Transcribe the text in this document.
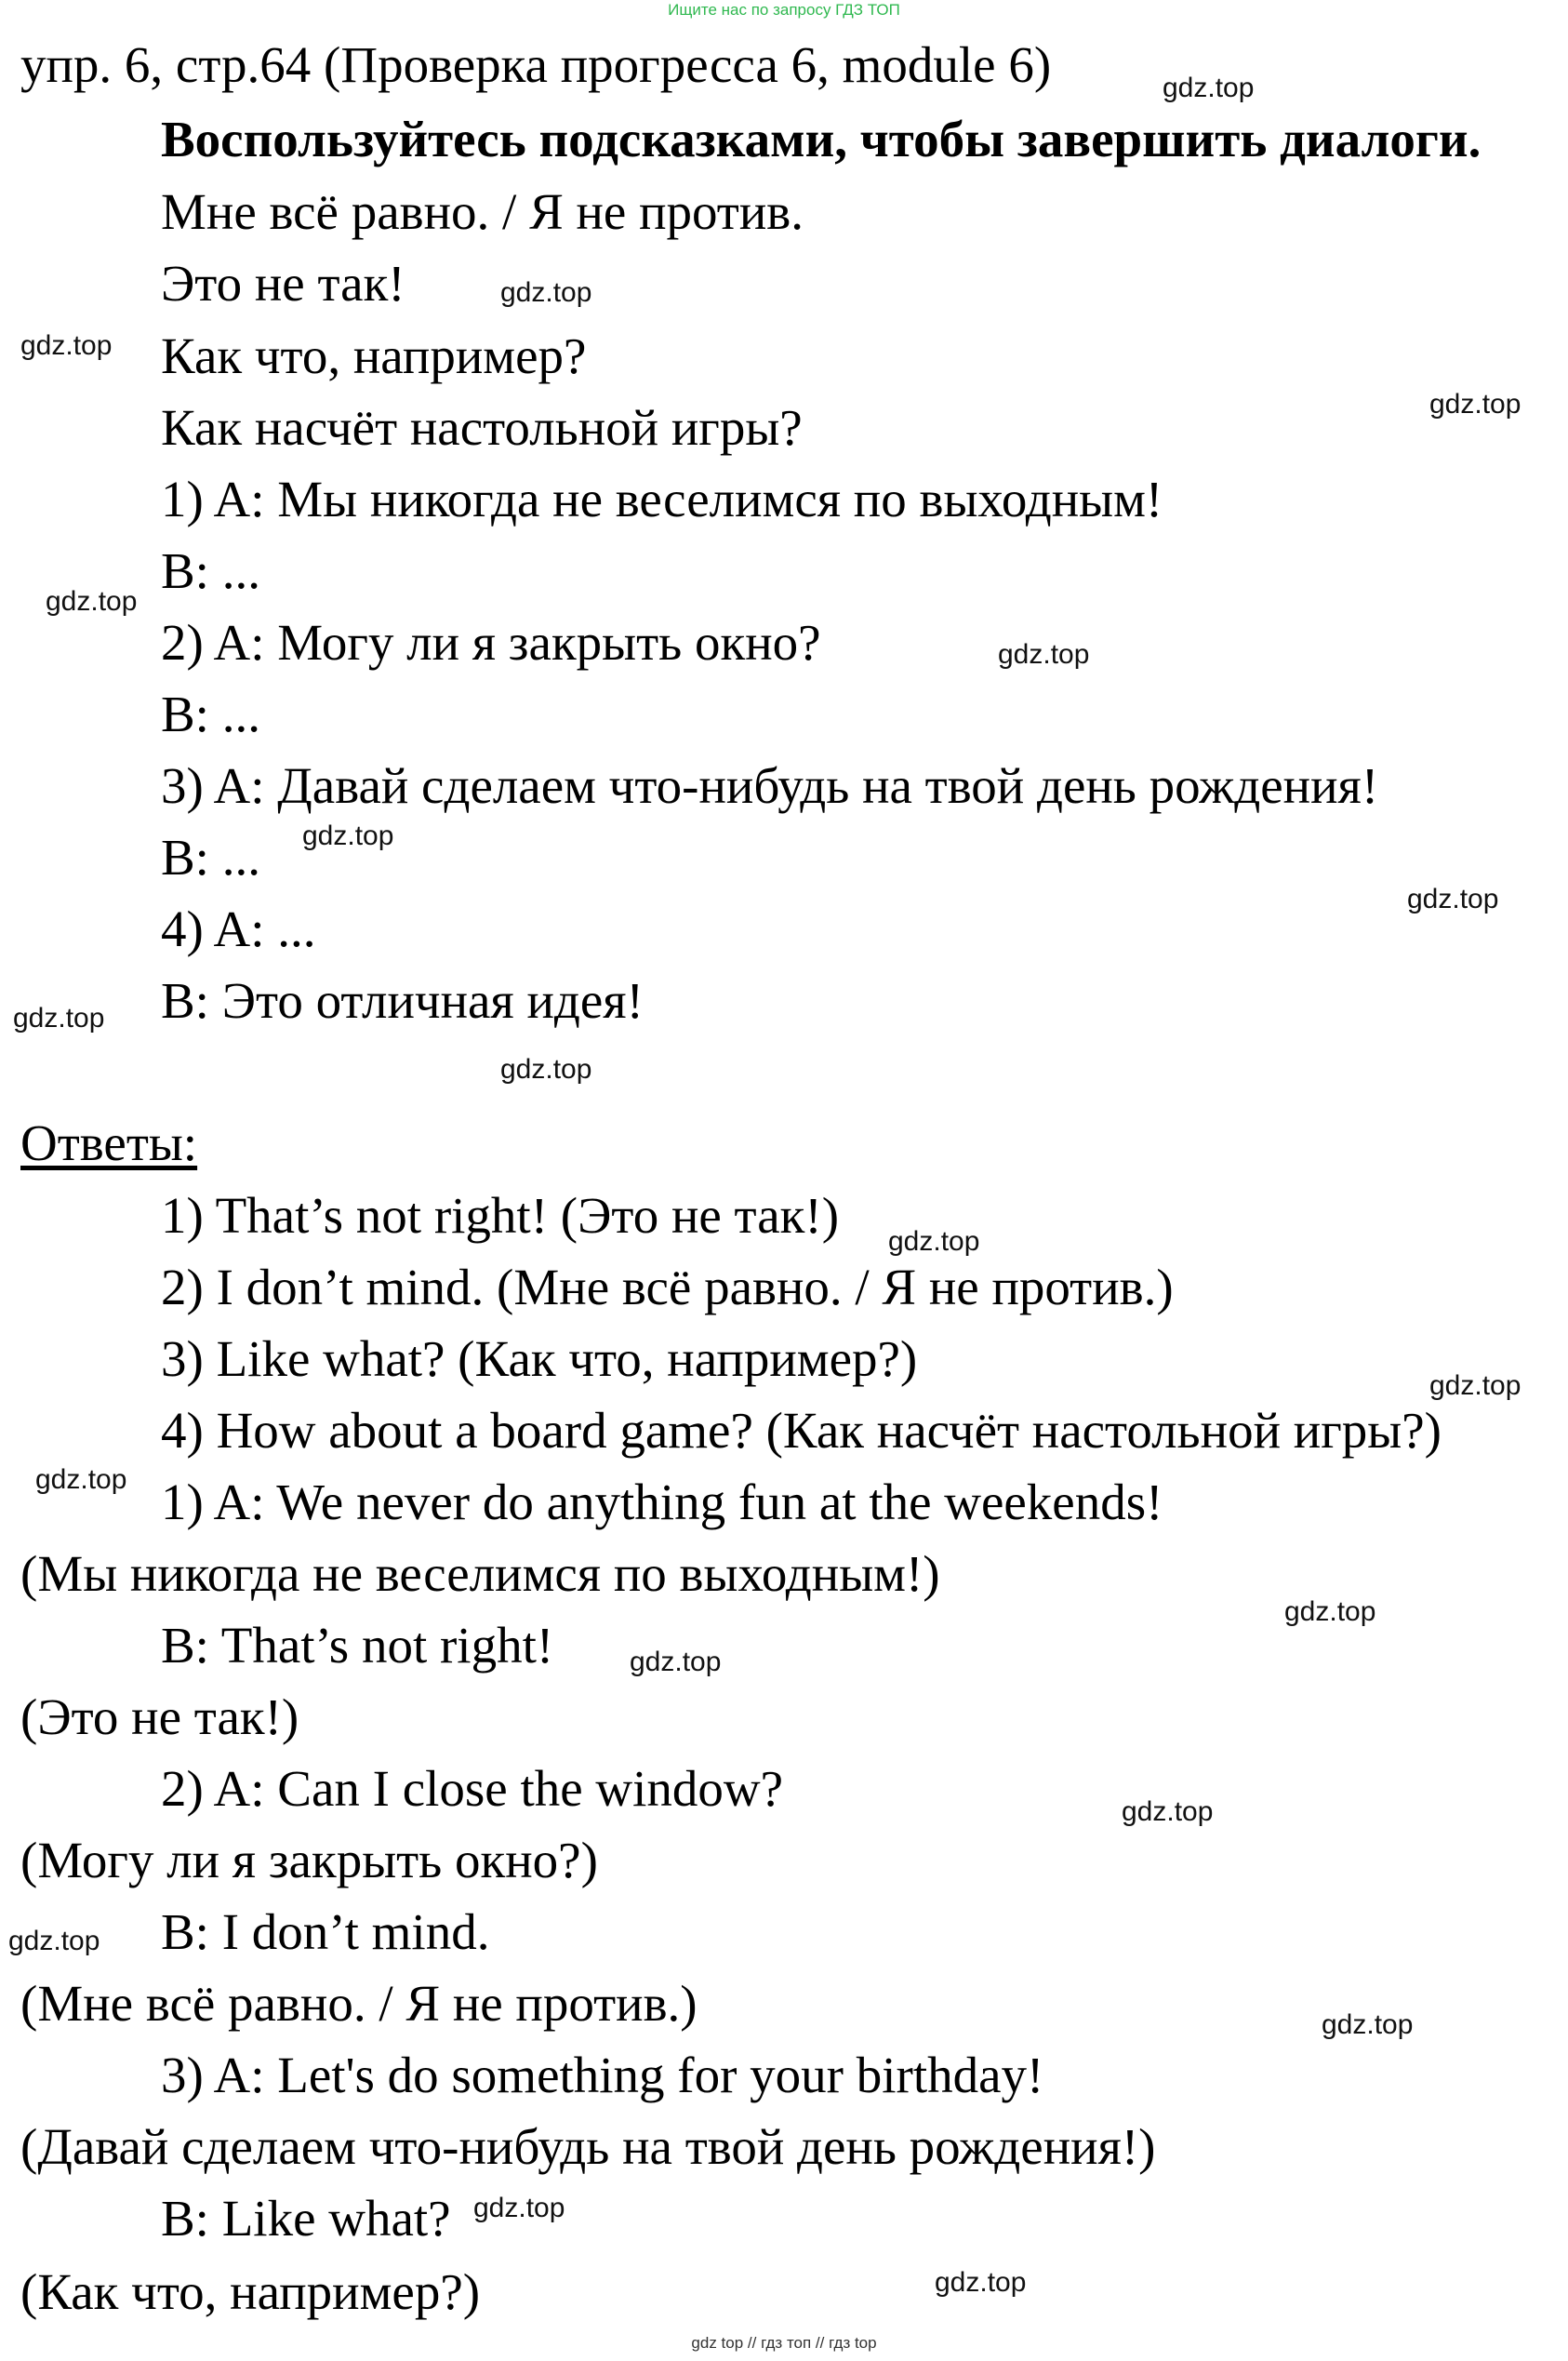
Ищите нас по запросу ГДЗ ТОП
упр. 6, стр.64 (Проверка прогресса 6, module 6)
Воспользуйтесь подсказками, чтобы завершить диалоги.
Мне всё равно. / Я не против.
Это не так!
Как что, например?
Как насчёт настольной игры?
1) A: Мы никогда не веселимся по выходным!
B: ...
2) A: Могу ли я закрыть окно?
B: ...
3) A: Давай сделаем что-нибудь на твой день рождения!
B: ...
4) A: ...
B: Это отличная идея!
Ответы:
1) That’s not right! (Это не так!)
2) I don’t mind. (Мне всё равно. / Я не против.)
3) Like what? (Как что, например?)
4) How about a board game? (Как насчёт настольной игры?)
1) A: We never do anything fun at the weekends!
(Мы никогда не веселимся по выходным!)
B: That’s not right!
(Это не так!)
2) A: Can I close the window?
(Могу ли я закрыть окно?)
B: I don’t mind.
(Мне всё равно. / Я не против.)
3) A: Let's do something for your birthday!
(Давай сделаем что-нибудь на твой день рождения!)
B: Like what?
(Как что, например?)
gdz.top
gdz.top
gdz.top
gdz.top
gdz.top
gdz.top
gdz.top
gdz.top
gdz.top
gdz.top
gdz.top
gdz.top
gdz.top
gdz.top
gdz.top
gdz.top
gdz.top
gdz.top
gdz.top
gdz.top
gdz top // гдз топ // гдз top
